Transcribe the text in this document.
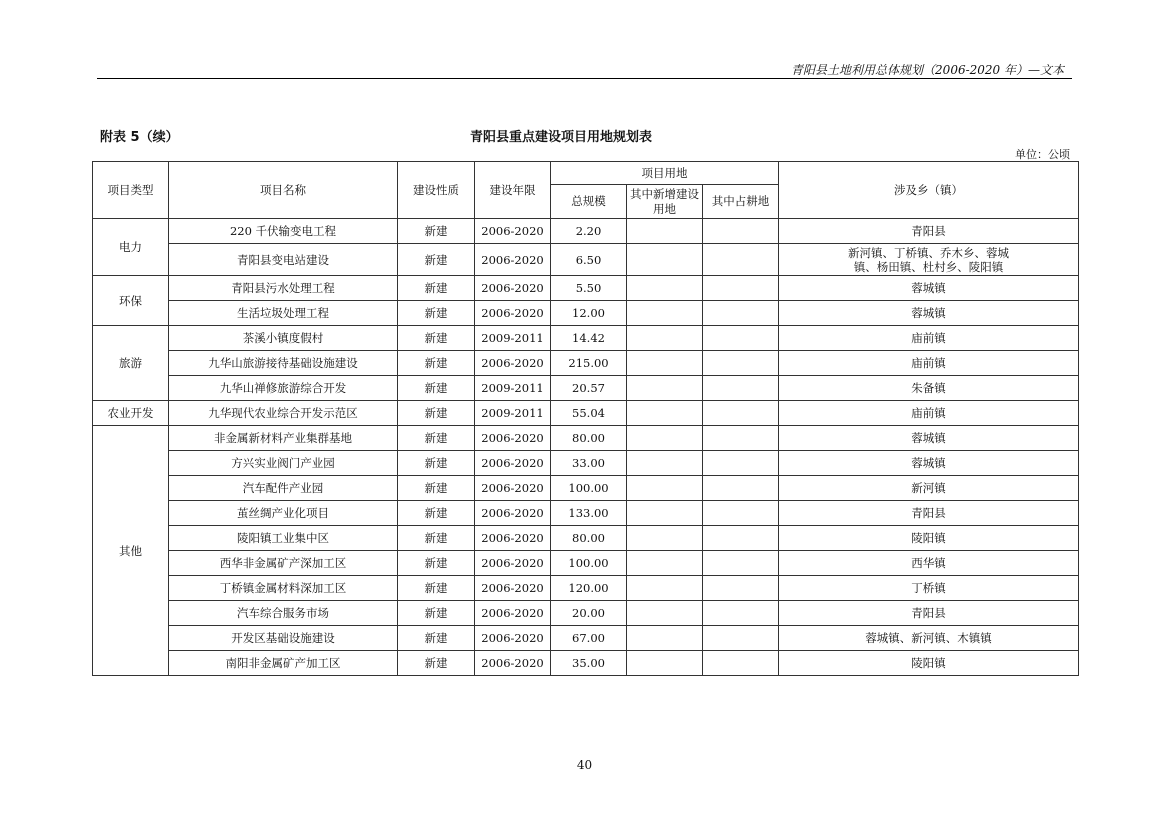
青阳县土地利用总体规划（2006-2020 年）—文本
附表 5（续）	青阳县重点建设项目用地规划表
单位：公顷
项目类型	项目名称	建设性质	建设年限	项目用地			涉及乡（镇）
				总规模	其中新增建设用地	其中占耕地	
电力	220 千伏输变电工程	新建	2006-2020	2.20			青阳县
	青阳县变电站建设	新建	2006-2020	6.50			新河镇、丁桥镇、乔木乡、蓉城镇、杨田镇、杜村乡、陵阳镇
环保	青阳县污水处理工程	新建	2006-2020	5.50			蓉城镇
	生活垃圾处理工程	新建	2006-2020	12.00			蓉城镇
旅游	茶溪小镇度假村	新建	2009-2011	14.42			庙前镇
	九华山旅游接待基础设施建设	新建	2006-2020	215.00			庙前镇
	九华山禅修旅游综合开发	新建	2009-2011	20.57			朱备镇
农业开发	九华现代农业综合开发示范区	新建	2009-2011	55.04			庙前镇
其他	非金属新材料产业集群基地	新建	2006-2020	80.00			蓉城镇
	方兴实业阀门产业园	新建	2006-2020	33.00			蓉城镇
	汽车配件产业园	新建	2006-2020	100.00			新河镇
	茧丝绸产业化项目	新建	2006-2020	133.00			青阳县
	陵阳镇工业集中区	新建	2006-2020	80.00			陵阳镇
	西华非金属矿产深加工区	新建	2006-2020	100.00			西华镇
	丁桥镇金属材料深加工区	新建	2006-2020	120.00			丁桥镇
	汽车综合服务市场	新建	2006-2020	20.00			青阳县
	开发区基础设施建设	新建	2006-2020	67.00			蓉城镇、新河镇、木镇镇
	南阳非金属矿产加工区	新建	2006-2020	35.00			陵阳镇
40
